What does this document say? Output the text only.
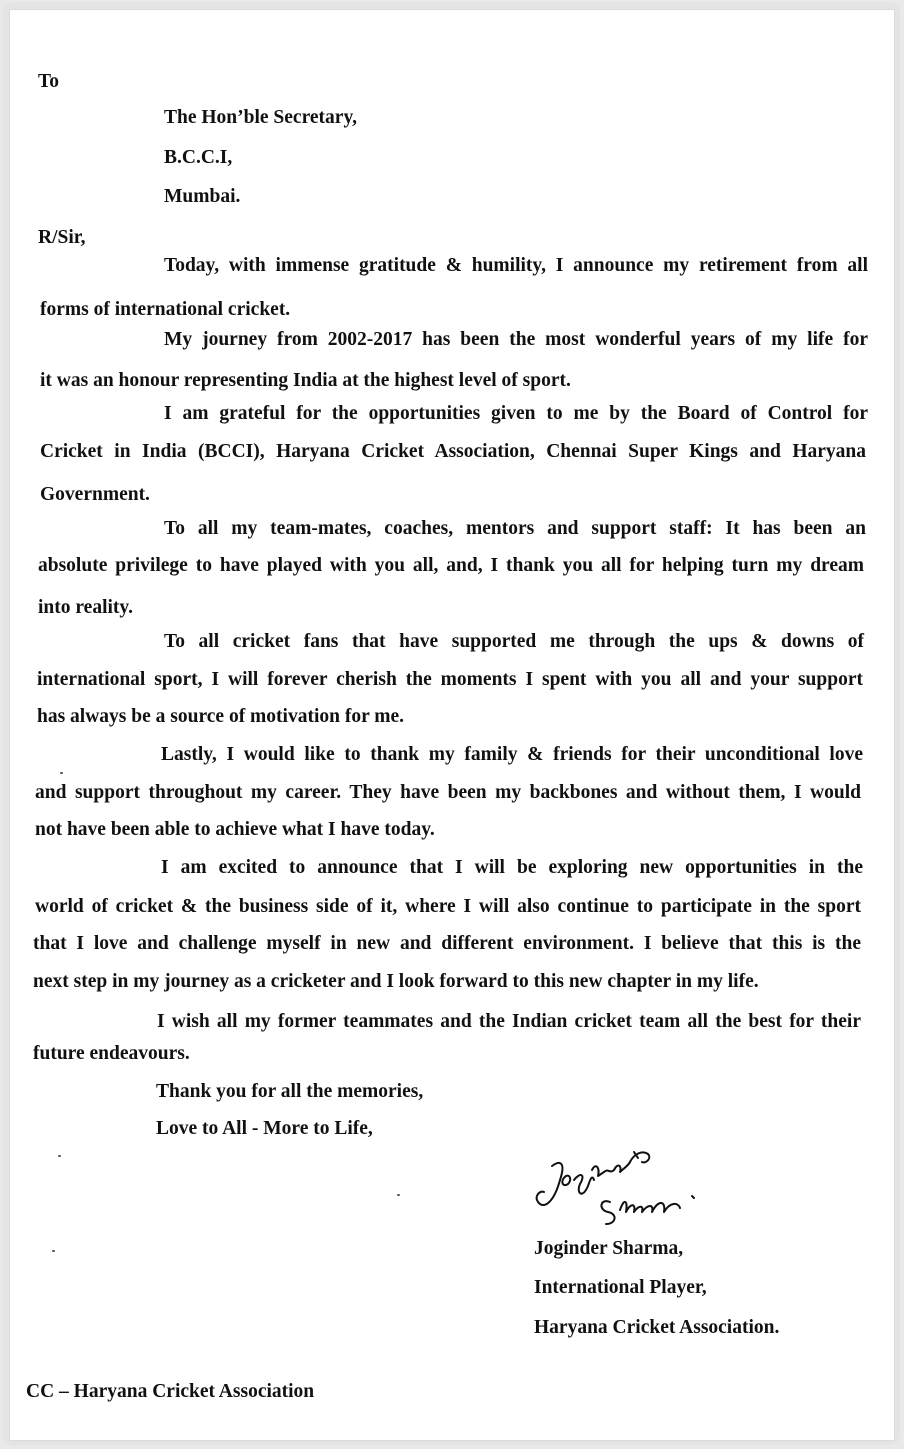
To
The Hon’ble Secretary,
B.C.C.I,
Mumbai.
R/Sir,
Today, with immense gratitude & humility, I announce my retirement from all
forms of international cricket.
My journey from 2002-2017 has been the most wonderful years of my life for
it was an honour representing India at the highest level of sport.
I am grateful for the opportunities given to me by the Board of Control for
Cricket in India (BCCI), Haryana Cricket Association, Chennai Super Kings and Haryana
Government.
To all my team-mates, coaches, mentors and support staff: It has been an
absolute privilege to have played with you all, and, I thank you all for helping turn my dream
into reality.
To all cricket fans that have supported me through the ups & downs of
international sport, I will forever cherish the moments I spent with you all and your support
has always be a source of motivation for me.
Lastly, I would like to thank my family & friends for their unconditional love
and support throughout my career. They have been my backbones and without them, I would
not have been able to achieve what I have today.
I am excited to announce that I will be exploring new opportunities in the
world of cricket & the business side of it, where I will also continue to participate in the sport
that I love and challenge myself in new and different environment. I believe that this is the
next step in my journey as a cricketer and I look forward to this new chapter in my life.
I wish all my former teammates and the Indian cricket team all the best for their
future endeavours.
Thank you for all the memories,
Love to All - More to Life,
Joginder Sharma,
International Player,
Haryana Cricket Association.
CC – Haryana Cricket Association
